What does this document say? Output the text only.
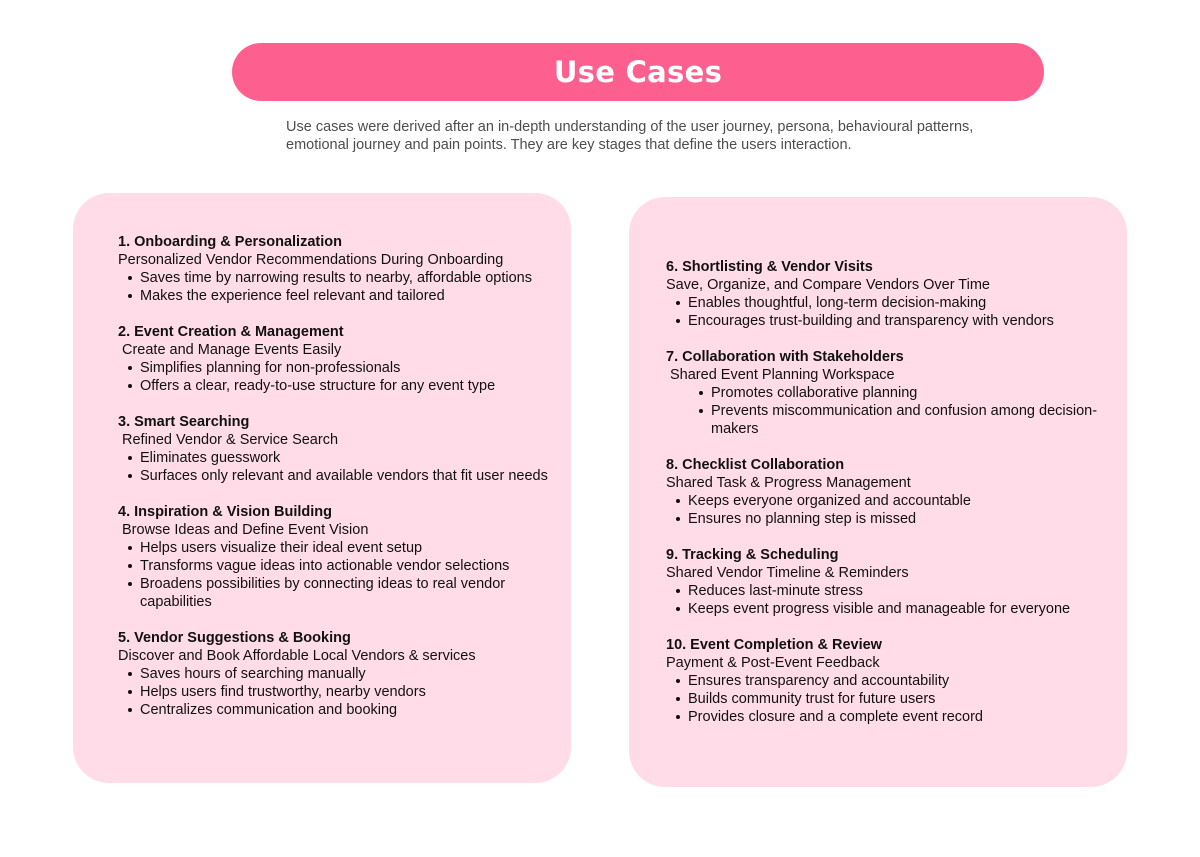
Use Cases

Use cases were derived after an in-depth understanding of the user journey, persona, behavioural patterns, emotional journey and pain points. They are key stages that define the users interaction.

1. Onboarding & Personalization

Personalized Vendor Recommendations During Onboarding

Saves time by narrowing results to nearby, affordable options
Makes the experience feel relevant and tailored

2. Event Creation & Management

Create and Manage Events Easily

Simplifies planning for non-professionals
Offers a clear, ready-to-use structure for any event type

3. Smart Searching

Refined Vendor & Service Search

Eliminates guesswork
Surfaces only relevant and available vendors that fit user needs

4. Inspiration & Vision Building

Browse Ideas and Define Event Vision

Helps users visualize their ideal event setup
Transforms vague ideas into actionable vendor selections
Broadens possibilities by connecting ideas to real vendor capabilities

5. Vendor Suggestions & Booking

Discover and Book Affordable Local Vendors & services

Saves hours of searching manually
Helps users find trustworthy, nearby vendors
Centralizes communication and booking

6. Shortlisting & Vendor Visits

Save, Organize, and Compare Vendors Over Time

Enables thoughtful, long-term decision-making
Encourages trust-building and transparency with vendors

7. Collaboration with Stakeholders

Shared Event Planning Workspace

Promotes collaborative planning
Prevents miscommunication and confusion among decision-makers

8. Checklist Collaboration

Shared Task & Progress Management

Keeps everyone organized and accountable
Ensures no planning step is missed

9. Tracking & Scheduling

Shared Vendor Timeline & Reminders

Reduces last-minute stress
Keeps event progress visible and manageable for everyone

10. Event Completion & Review

Payment & Post-Event Feedback

Ensures transparency and accountability
Builds community trust for future users
Provides closure and a complete event record
